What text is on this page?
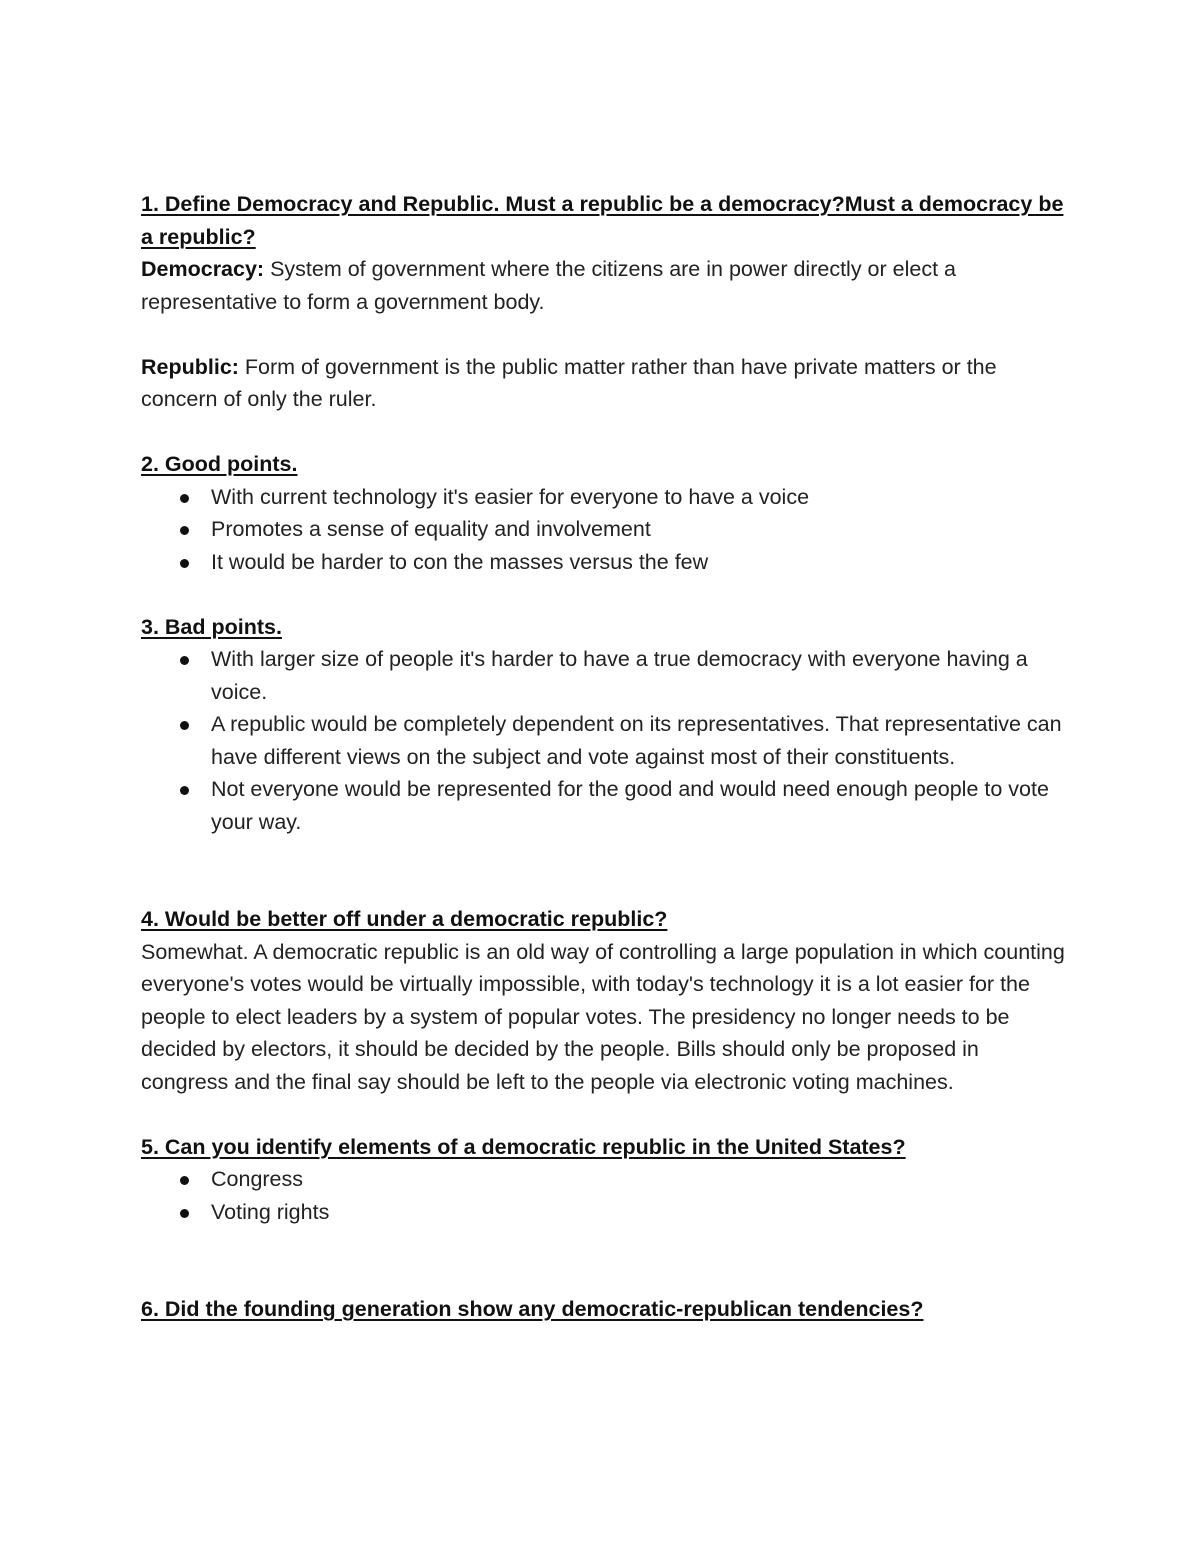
1. Define Democracy and Republic. Must a republic be a democracy?Must a democracy be a republic?

Democracy: System of government where the citizens are in power directly or elect a representative to form a government body.

Republic: Form of government is the public matter rather than have private matters or the concern of only the ruler.

2. Good points.

With current technology it's easier for everyone to have a voice
Promotes a sense of equality and involvement
It would be harder to con the masses versus the few

3. Bad points.

With larger size of people it's harder to have a true democracy with everyone having a voice.
A republic would be completely dependent on its representatives. That representative can have different views on the subject and vote against most of their constituents.
Not everyone would be represented for the good and would need enough people to vote your way.

4. Would be better off under a democratic republic?

Somewhat. A democratic republic is an old way of controlling a large population in which counting everyone's votes would be virtually impossible, with today's technology it is a lot easier for the people to elect leaders by a system of popular votes. The presidency no longer needs to be decided by electors, it should be decided by the people. Bills should only be proposed in congress and the final say should be left to the people via electronic voting machines.

5. Can you identify elements of a democratic republic in the United States?

Congress
Voting rights

6. Did the founding generation show any democratic-republican tendencies?
